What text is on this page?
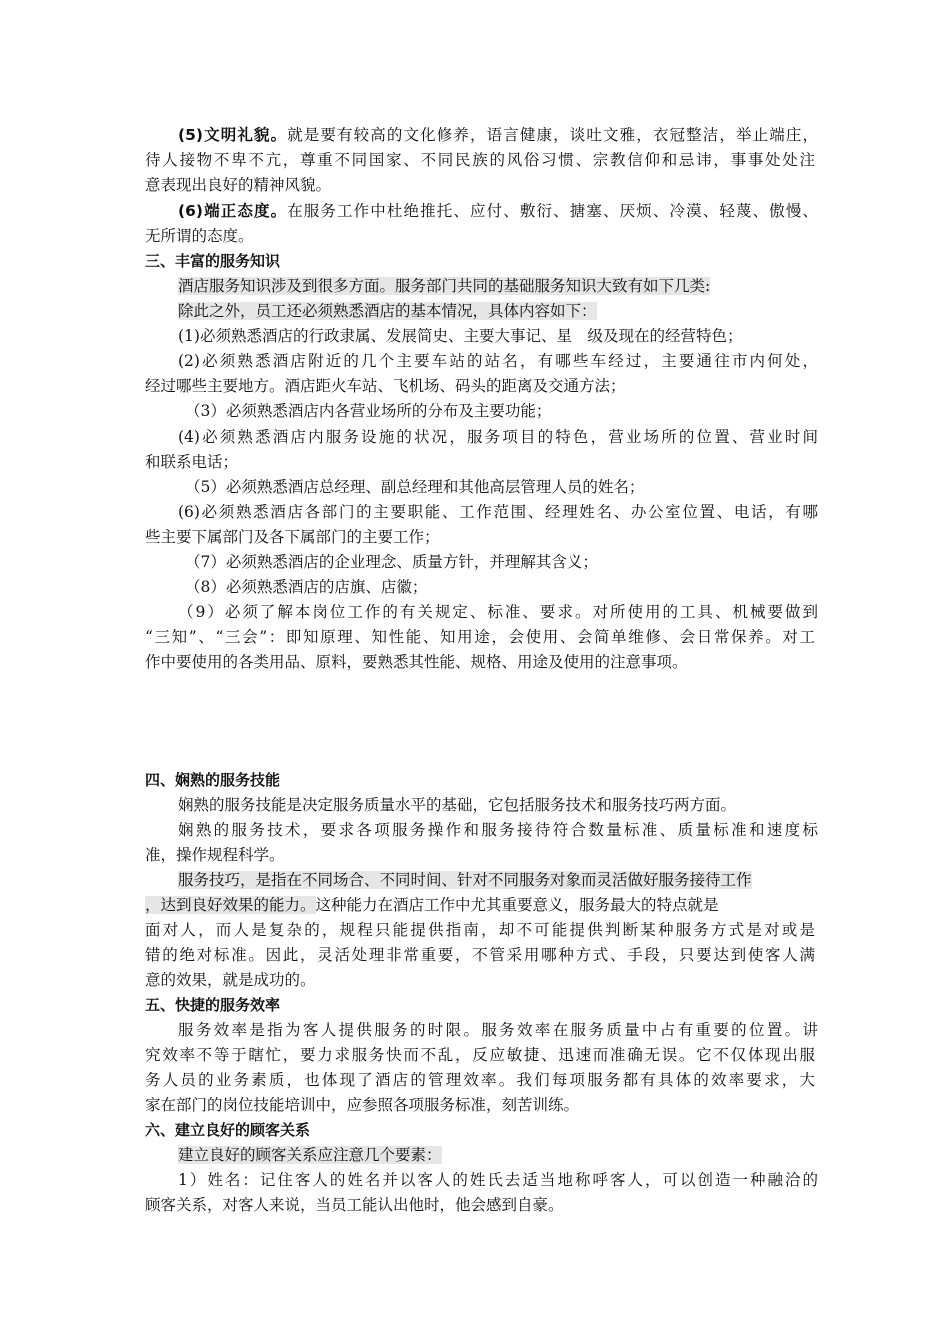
(5)文明礼貌。就是要有较高的文化修养，语言健康，谈吐文雅，衣冠整洁，举止端庄，
待人接物不卑不亢，尊重不同国家、不同民族的风俗习惯、宗教信仰和忌讳，事事处处注
意表现出良好的精神风貌。
(6)端正态度。在服务工作中杜绝推托、应付、敷衍、搪塞、厌烦、冷漠、轻蔑、傲慢、
无所谓的态度。
三、丰富的服务知识
酒店服务知识涉及到很多方面。服务部门共同的基础服务知识大致有如下几类:
除此之外，员工还必须熟悉酒店的基本情况，具体内容如下：
(1)必须熟悉酒店的行政隶属、发展简史、主要大事记、星　级及现在的经营特色；
(2)必须熟悉酒店附近的几个主要车站的站名，有哪些车经过，主要通往市内何处，
经过哪些主要地方。酒店距火车站、飞机场、码头的距离及交通方法；
（3）必须熟悉酒店内各营业场所的分布及主要功能；
(4)必须熟悉酒店内服务设施的状况，服务项目的特色，营业场所的位置、营业时间
和联系电话；
（5）必须熟悉酒店总经理、副总经理和其他高层管理人员的姓名；
(6)必须熟悉酒店各部门的主要职能、工作范围、经理姓名、办公室位置、电话，有哪
些主要下属部门及各下属部门的主要工作；
（7）必须熟悉酒店的企业理念、质量方针，并理解其含义；
（8）必须熟悉酒店的店旗、店徽；
（9）必须了解本岗位工作的有关规定、标准、要求。对所使用的工具、机械要做到
“三知”、“三会”：即知原理、知性能、知用途，会使用、会简单维修、会日常保养。对工
作中要使用的各类用品、原料，要熟悉其性能、规格、用途及使用的注意事项。
四、娴熟的服务技能
娴熟的服务技能是决定服务质量水平的基础，它包括服务技术和服务技巧两方面。
娴熟的服务技术，要求各项服务操作和服务接待符合数量标准、质量标准和速度标
准，操作规程科学。
服务技巧，是指在不同场合、不同时间、针对不同服务对象而灵活做好服务接待工作
，达到良好效果的能力。这种能力在酒店工作中尤其重要意义，服务最大的特点就是
面对人，而人是复杂的，规程只能提供指南，却不可能提供判断某种服务方式是对或是
错的绝对标准。因此，灵活处理非常重要，不管采用哪种方式、手段，只要达到使客人满
意的效果，就是成功的。
五、快捷的服务效率
服务效率是指为客人提供服务的时限。服务效率在服务质量中占有重要的位置。讲
究效率不等于瞎忙，要力求服务快而不乱，反应敏捷、迅速而准确无误。它不仅体现出服
务人员的业务素质，也体现了酒店的管理效率。我们每项服务都有具体的效率要求，大
家在部门的岗位技能培训中，应参照各项服务标准，刻苦训练。
六、建立良好的顾客关系
建立良好的顾客关系应注意几个要素：
1）姓名：记住客人的姓名并以客人的姓氏去适当地称呼客人，可以创造一种融洽的
顾客关系，对客人来说，当员工能认出他时，他会感到自豪。
